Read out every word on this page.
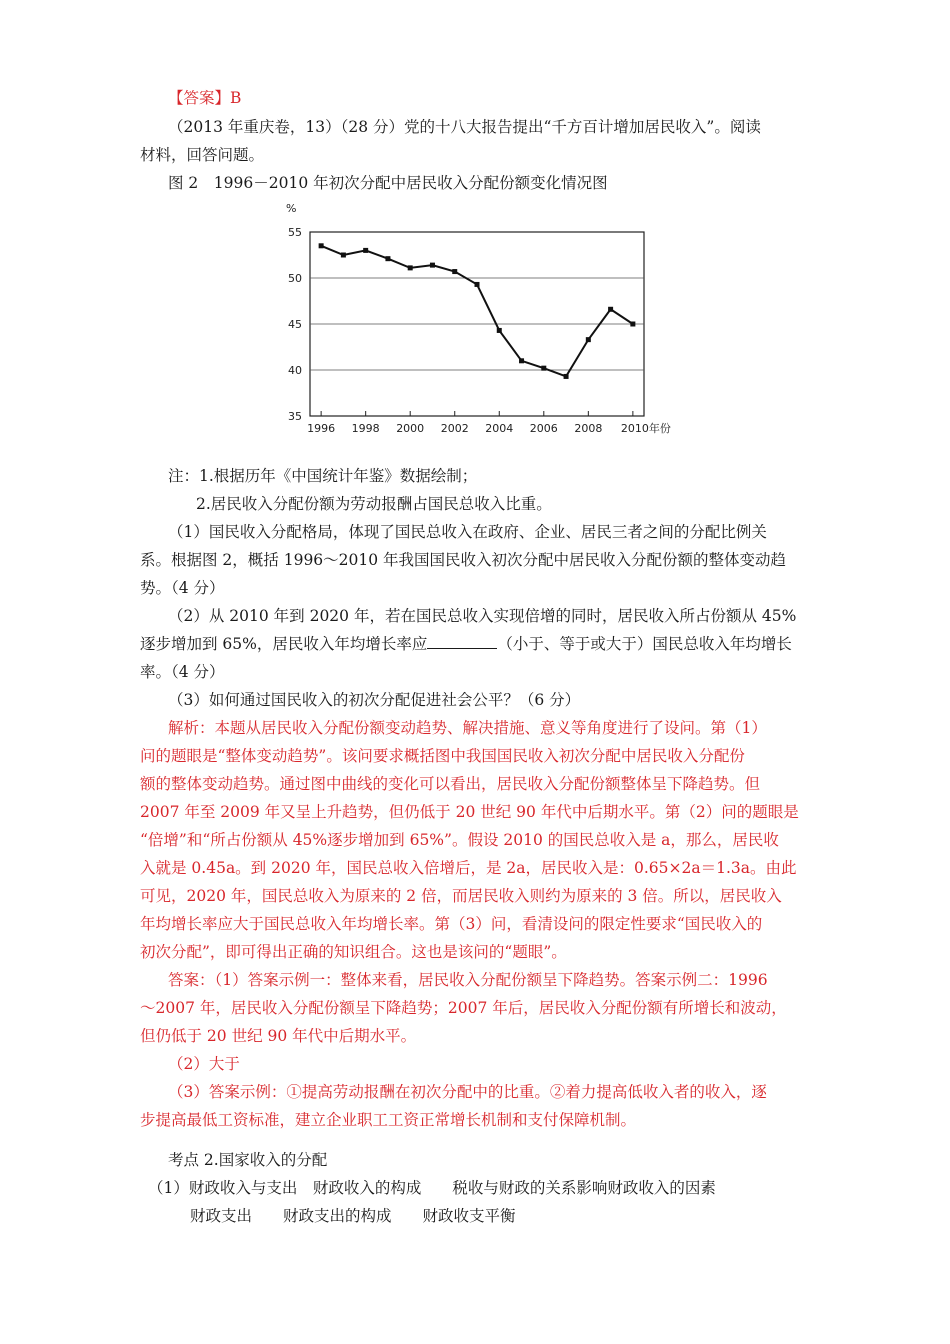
【答案】B
（2013 年重庆卷，13）（28 分）党的十八大报告提出“千方百计增加居民收入”。阅读
材料，回答问题。
图 2　1996－2010 年初次分配中居民收入分配份额变化情况图
%
55
50
45
40
35
1996 1998 2000 2002 2004 2006 2008 2010年份
注：1.根据历年《中国统计年鉴》数据绘制；
2.居民收入分配份额为劳动报酬占国民总收入比重。
（1）国民收入分配格局，体现了国民总收入在政府、企业、居民三者之间的分配比例关
系。根据图 2，概括 1996～2010 年我国国民收入初次分配中居民收入分配份额的整体变动趋
势。（4 分）
（2）从 2010 年到 2020 年，若在国民总收入实现倍增的同时，居民收入所占份额从 45%
逐步增加到 65%，居民收入年均增长率应	（小于、等于或大于）国民总收入年均增长
率。（4 分）
（3）如何通过国民收入的初次分配促进社会公平？（6 分）
解析：本题从居民收入分配份额变动趋势、解决措施、意义等角度进行了设问。第（1）
问的题眼是“整体变动趋势”。该问要求概括图中我国国民收入初次分配中居民收入分配份
额的整体变动趋势。通过图中曲线的变化可以看出，居民收入分配份额整体呈下降趋势。但
2007 年至 2009 年又呈上升趋势，但仍低于 20 世纪 90 年代中后期水平。第（2）问的题眼是
“倍增”和“所占份额从 45%逐步增加到 65%”。假设 2010 的国民总收入是 a，那么，居民收
入就是 0.45a。到 2020 年，国民总收入倍增后，是 2a，居民收入是：0.65×2a＝1.3a。由此
可见，2020 年，国民总收入为原来的 2 倍，而居民收入则约为原来的 3 倍。所以，居民收入
年均增长率应大于国民总收入年均增长率。第（3）问，看清设问的限定性要求“国民收入的
初次分配”，即可得出正确的知识组合。这也是该问的“题眼”。
答案：（1）答案示例一：整体来看，居民收入分配份额呈下降趋势。答案示例二：1996
～2007 年，居民收入分配份额呈下降趋势；2007 年后，居民收入分配份额有所增长和波动，
但仍低于 20 世纪 90 年代中后期水平。
（2）大于
（3）答案示例：①提高劳动报酬在初次分配中的比重。②着力提高低收入者的收入，逐
步提高最低工资标准，建立企业职工工资正常增长机制和支付保障机制。
考点 2.国家收入的分配
（1）财政收入与支出　财政收入的构成　　税收与财政的关系影响财政收入的因素
财政支出　　财政支出的构成　　财政收支平衡
